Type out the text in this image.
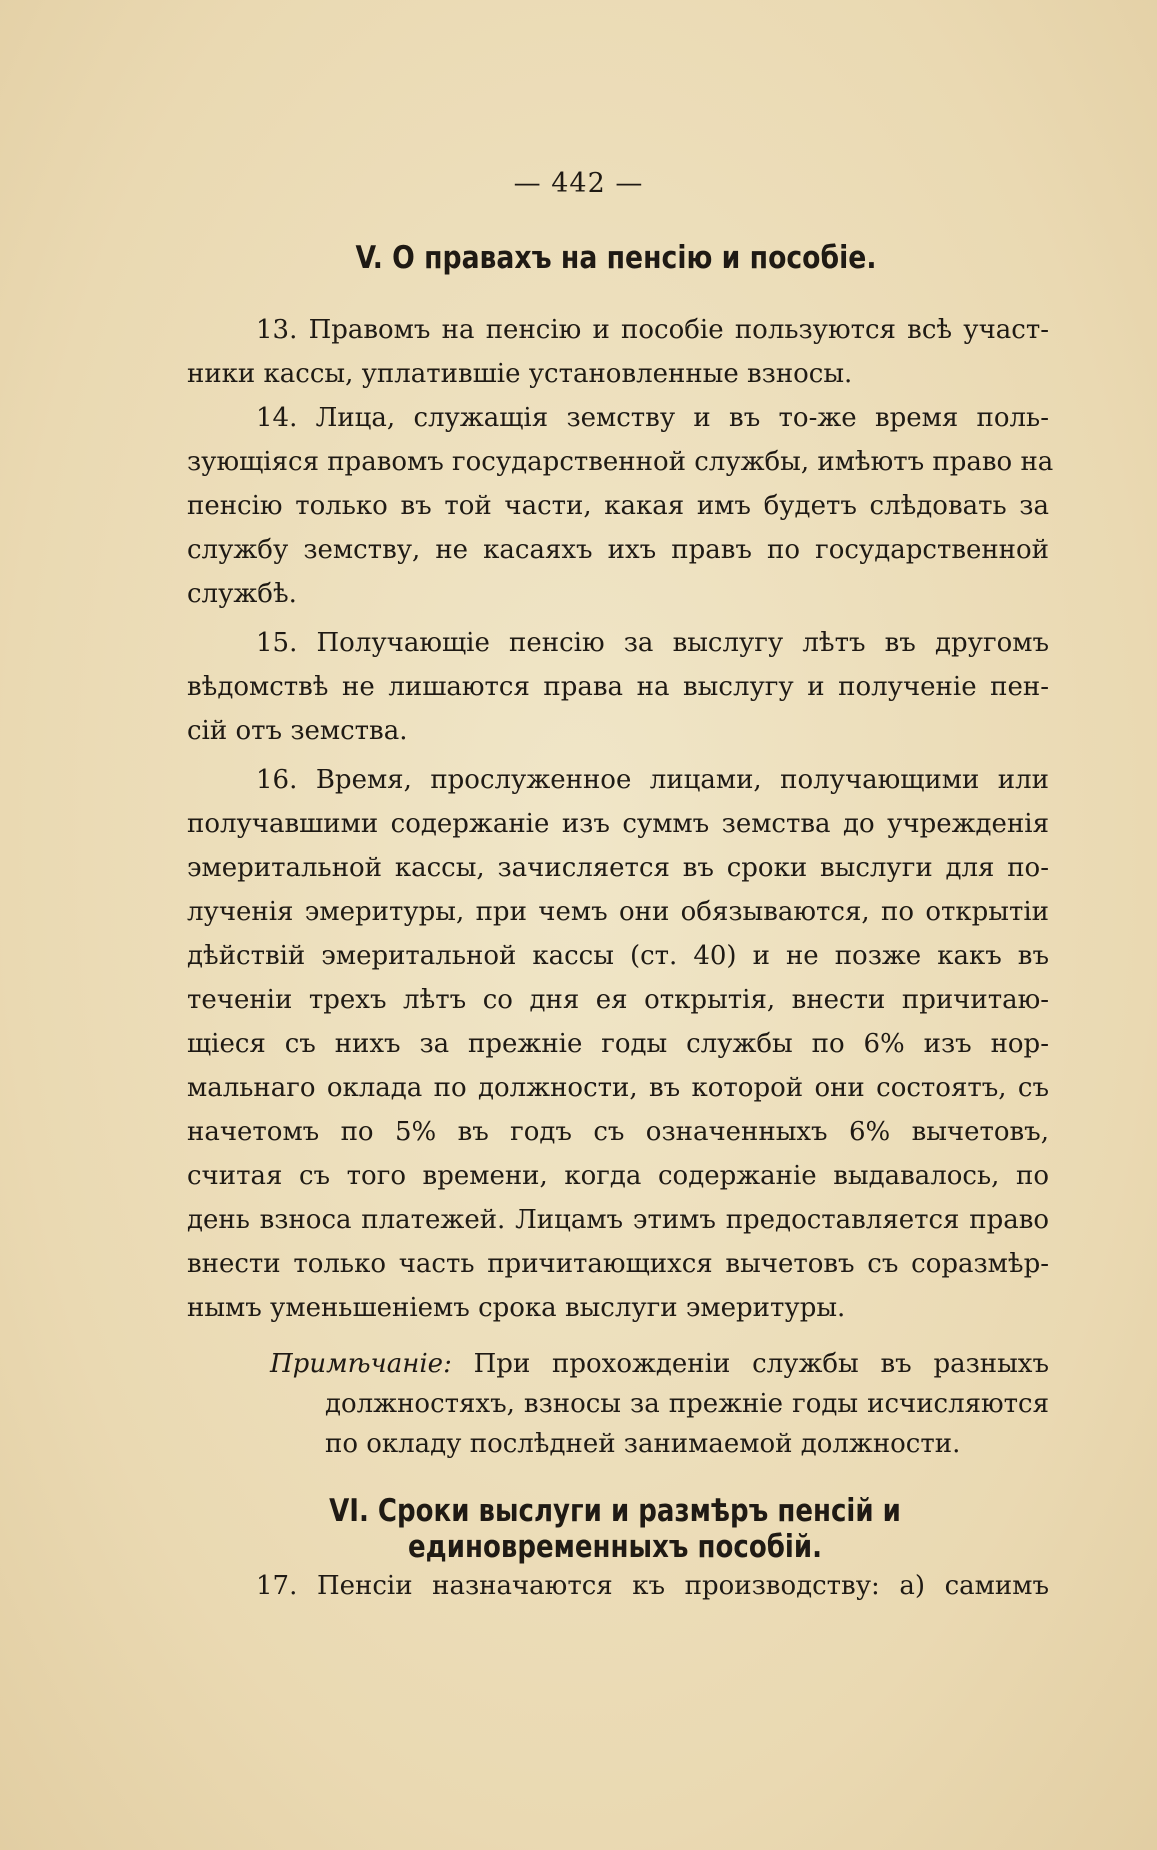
— 442 —
V. О правахъ на пенсію и пособіе.
13. Правомъ на пенсію и пособіе пользуются всѣ участ-
ники кассы, уплатившіе установленные взносы.
14. Лица, служащія земству и въ то-же время поль-
зующіяся правомъ государственной службы, имѣютъ право на
пенсію только въ той части, какая имъ будетъ слѣдовать за
службу земству, не касаяхъ ихъ правъ по государственной
службѣ.
15. Получающіе пенсію за выслугу лѣтъ въ другомъ
вѣдомствѣ не лишаются права на выслугу и полученіе пен-
сій отъ земства.
16. Время, прослуженное лицами, получающими или
получавшими содержаніе изъ суммъ земства до учрежденія
эмеритальной кассы, зачисляется въ сроки выслуги для по-
лученія эмеритуры, при чемъ они обязываются, по открытіи
дѣйствій эмеритальной кассы (ст. 40) и не позже какъ въ
теченіи трехъ лѣтъ со дня ея открытія, внести причитаю-
щіеся съ нихъ за прежніе годы службы по 6% изъ нор-
мальнаго оклада по должности, въ которой они состоятъ, съ
начетомъ по 5% въ годъ съ означенныхъ 6% вычетовъ,
считая съ того времени, когда содержаніе выдавалось, по
день взноса платежей. Лицамъ этимъ предоставляется право
внести только часть причитающихся вычетовъ съ соразмѣр-
нымъ уменьшеніемъ срока выслуги эмеритуры.
Примѣчаніе: При прохожденіи службы въ разныхъ
должностяхъ, взносы за прежніе годы исчисляются
по окладу послѣдней занимаемой должности.
VI. Сроки выслуги и размѣръ пенсій и единовременныхъ пособій.
17. Пенсіи назначаются къ производству: а) самимъ
